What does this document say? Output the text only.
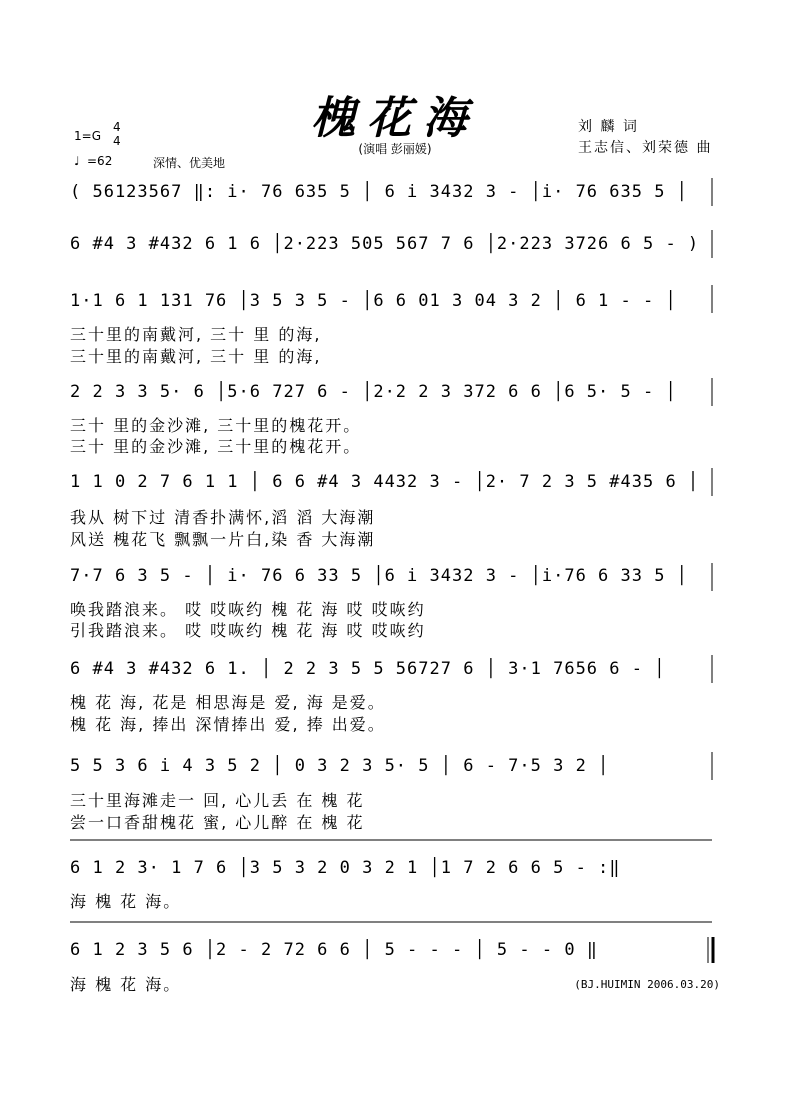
槐花海
(演唱 彭丽媛)
刘 麟 词
王志信、刘荣德 曲
1=G
4
4
♩ =62	深情、优美地
( 56123567 ‖: i· 76 635 5 │ 6 i 3432 3 - │i· 76 635 5 │
6 #4 3 #432 6 1 6 │2·223 505 567 7 6 │2·223 3726 6 5 - )
1·1 6 1 131 76 │3 5 3 5 - │6 6 01 3 04 3 2 │ 6 1 - - │
三十里的南戴河, 三十 里 的海,
三十里的南戴河, 三十 里 的海,
2 2 3 3 5· 6 │5·6 727 6 - │2·2 2 3 372 6 6 │6 5· 5 - │
三十 里的金沙滩, 三十里的槐花开。
三十 里的金沙滩, 三十里的槐花开。
1 1 0 2 7 6 1 1 │ 6 6 #4 3 4432 3 - │2· 7 2 3 5 #435 6 │
我从 树下过 清香扑满怀,滔 滔 大海潮
风送 槐花飞 飘飘一片白,染 香 大海潮
7·7 6 3 5 - │ i· 76 6 33 5 │6 i 3432 3 - │i·76 6 33 5 │
唤我踏浪来。 哎 哎咴约 槐 花 海 哎 哎咴约
引我踏浪来。 哎 哎咴约 槐 花 海 哎 哎咴约
6 #4 3 #432 6 1. │ 2 2 3 5 5 56727 6 │ 3·1 7656 6 - │
槐 花 海, 花是 相思海是 爱, 海 是爱。
槐 花 海, 捧出 深情捧出 爱, 捧 出爱。
5 5 3 6 i 4 3 5 2 │ 0 3 2 3 5· 5 │ 6 - 7·5 3 2 │
三十里海滩走一 回, 心儿丢 在 槐 花
尝一口香甜槐花 蜜, 心儿醉 在 槐 花
6 1 2 3· 1 7 6 │3 5 3 2 0 3 2 1 │1 7 2 6 6 5 - :‖
海 槐 花 海。
6 1 2 3 5 6 │2 - 2 72 6 6 │ 5 - - - │ 5 - - 0 ‖
海 槐 花 海。	(BJ.HUIMIN 2006.03.20)
